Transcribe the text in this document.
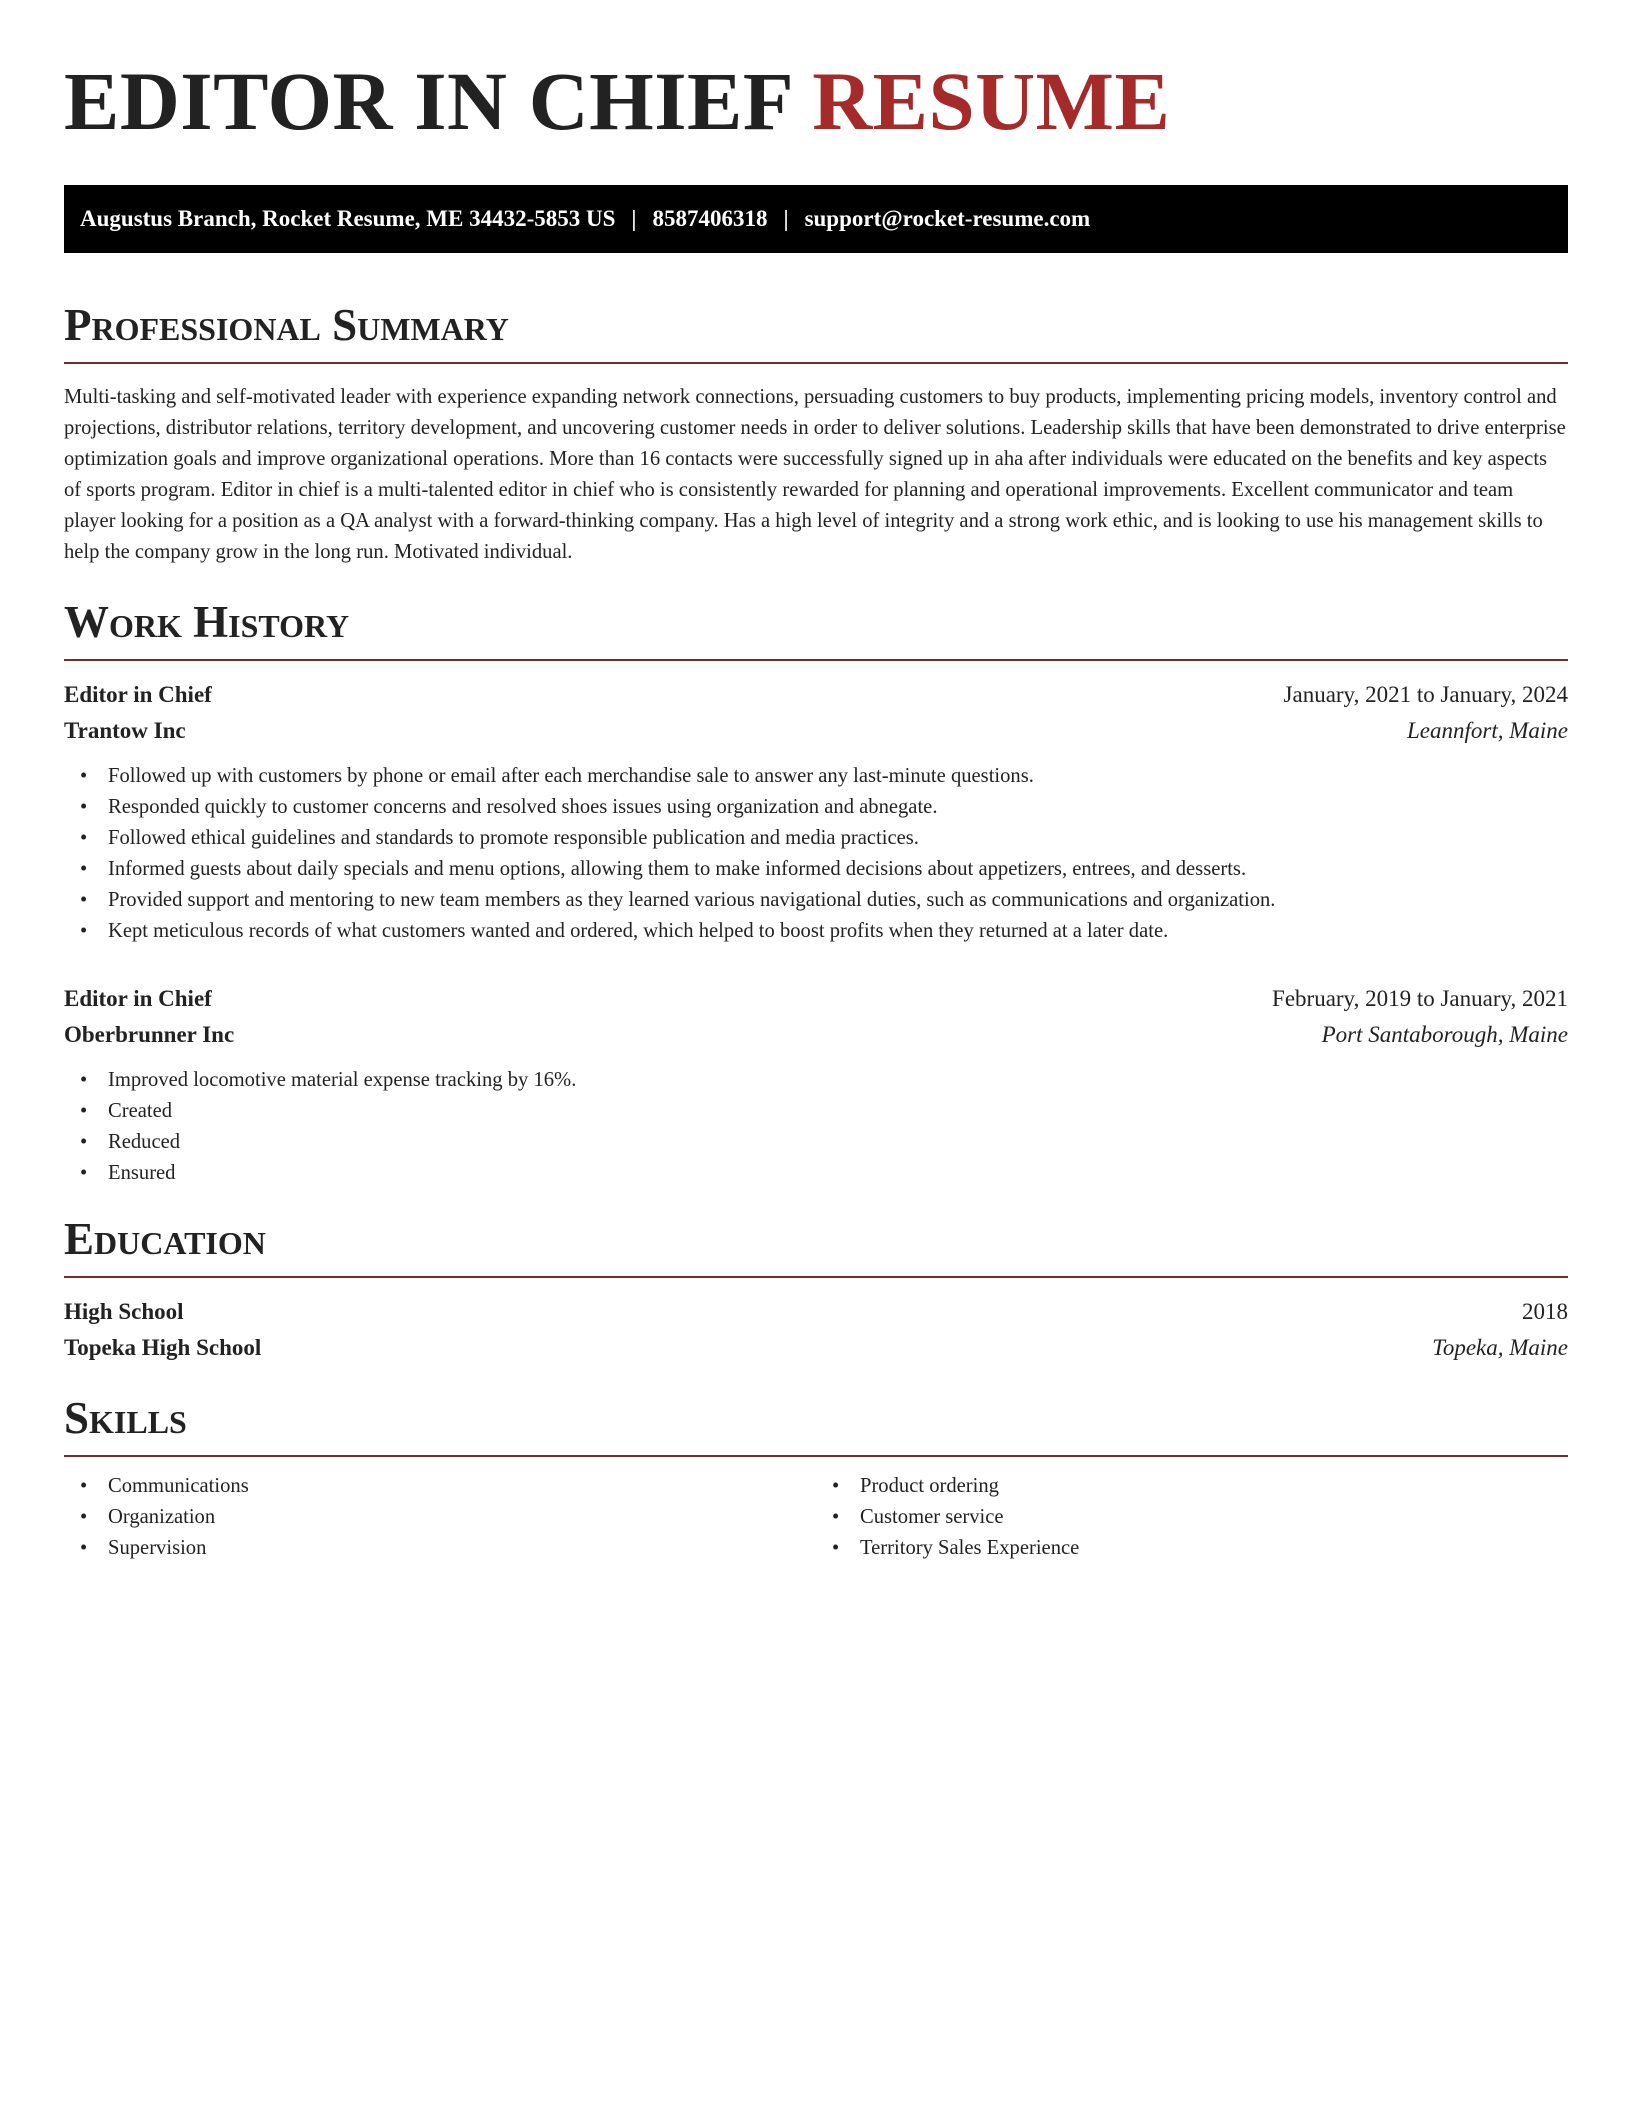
EDITOR IN CHIEF RESUME
Augustus Branch, Rocket Resume, ME 34432-5853 US | 8587406318 | support@rocket-resume.com
Professional Summary

Multi-tasking and self-motivated leader with experience expanding network connections, persuading customers to buy products, implementing pricing models, inventory control and projections, distributor relations, territory development, and uncovering customer needs in order to deliver solutions. Leadership skills that have been demonstrated to drive enterprise optimization goals and improve organizational operations. More than 16 contacts were successfully signed up in aha after individuals were educated on the benefits and key aspects of sports program. Editor in chief is a multi-talented editor in chief who is consistently rewarded for planning and operational improvements. Excellent communicator and team player looking for a position as a QA analyst with a forward-thinking company. Has a high level of integrity and a strong work ethic, and is looking to use his management skills to help the company grow in the long run. Motivated individual.

Work History
Editor in Chief	January, 2021 to January, 2024
Trantow Inc	Leannfort, Maine
• Followed up with customers by phone or email after each merchandise sale to answer any last-minute questions.
• Responded quickly to customer concerns and resolved shoes issues using organization and abnegate.
• Followed ethical guidelines and standards to promote responsible publication and media practices.
• Informed guests about daily specials and menu options, allowing them to make informed decisions about appetizers, entrees, and desserts.
• Provided support and mentoring to new team members as they learned various navigational duties, such as communications and organization.
• Kept meticulous records of what customers wanted and ordered, which helped to boost profits when they returned at a later date.
Editor in Chief	February, 2019 to January, 2021
Oberbrunner Inc	Port Santaborough, Maine
• Improved locomotive material expense tracking by 16%.
• Created
• Reduced
• Ensured
Education
High School	2018
Topeka High School	Topeka, Maine
Skills
• Communications
• Organization
• Supervision
• Product ordering
• Customer service
• Territory Sales Experience
